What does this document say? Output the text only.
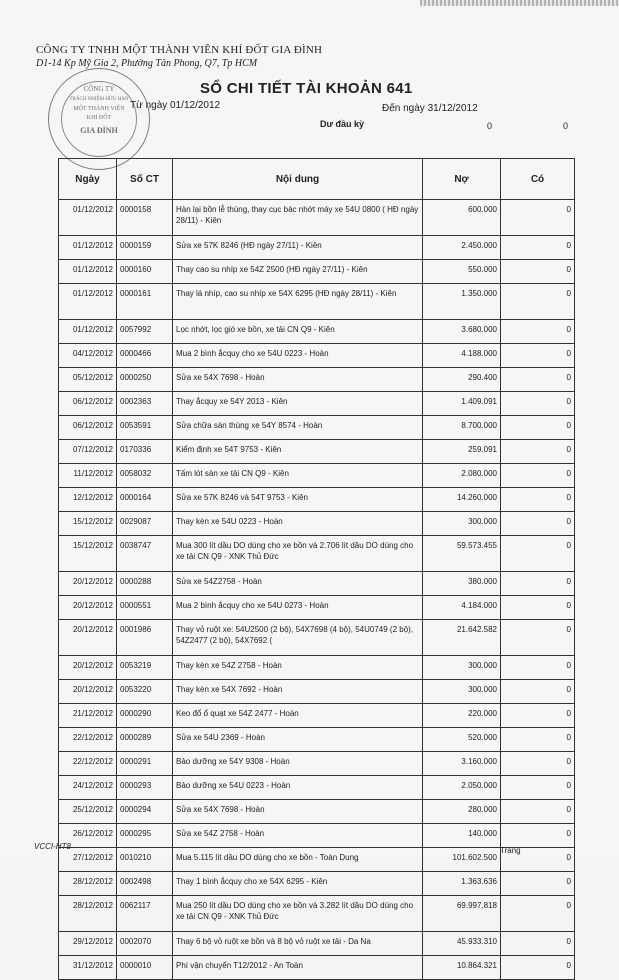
CÔNG TY TNHH MỘT THÀNH VIÊN KHÍ ĐỐT GIA ĐÌNH
D1-14 Kp Mỹ Gia 2, Phường Tân Phong, Q7, Tp HCM
CÔNG TY
TRÁCH NHIỆM HỮU HẠN
MỘT THÀNH VIÊN
KHÍ ĐỐT
GIA ĐÌNH
SỔ CHI TIẾT TÀI KHOẢN 641
Từ ngày 01/12/2012	Đến ngày 31/12/2012
Dư đầu kỳ	0	0
Ngày	Số CT	Nội dung	Nợ	Có
01/12/2012	0000158	Hàn lại bồn lễ thùng, thay cục bác nhớt máy xe 54U 0800 ( HĐ ngày 28/11) - Kiên	600.000	0
01/12/2012	0000159	Sửa xe 57K 8246 (HĐ ngày 27/11) - Kiên	2.450.000	0
01/12/2012	0000160	Thay cao su nhíp xe 54Z 2500 (HĐ ngày 27/11) - Kiên	550.000	0
01/12/2012	0000161	Thay lá nhíp, cao su nhíp xe 54X 6295 (HĐ ngày 28/11) - Kiên	1.350.000	0
01/12/2012	0057992	Lọc nhớt, lọc gió xe bồn, xe tải CN Q9 - Kiên	3.680.000	0
04/12/2012	0000466	Mua 2 bình ắcquy cho xe 54U 0223 - Hoàn	4.188.000	0
05/12/2012	0000250	Sửa xe 54X 7698 - Hoàn	290.400	0
06/12/2012	0002363	Thay ắcquy xe 54Y 2013 - Kiên	1.409.091	0
06/12/2012	0053591	Sửa chữa sàn thùng xe 54Y 8574 - Hoàn	8.700.000	0
07/12/2012	0170336	Kiểm định xe 54T 9753 - Kiên	259.091	0
11/12/2012	0058032	Tấm lót sàn xe tải CN Q9 - Kiên	2.080.000	0
12/12/2012	0000164	Sửa xe 57K 8246 và 54T 9753 - Kiên	14.260.000	0
15/12/2012	0029087	Thay kèn xe 54U 0223 - Hoàn	300.000	0
15/12/2012	0038747	Mua 300 lít dầu DO dùng cho xe bồn và 2.706 lít dầu DO dùng cho xe tải CN Q9 - XNK Thủ Đức	59.573.455	0
20/12/2012	0000288	Sửa xe 54Z2758 - Hoàn	380.000	0
20/12/2012	0000551	Mua 2 bình ắcquy cho xe 54U 0273 - Hoàn	4.184.000	0
20/12/2012	0001986	Thay vỏ ruột xe: 54U2500 (2 bộ), 54X7698 (4 bộ), 54U0749 (2 bộ), 54Z2477 (2 bộ), 54X7692 (	21.642.582	0
20/12/2012	0053219	Thay kèn xe 54Z 2758 - Hoàn	300.000	0
20/12/2012	0053220	Thay kèn xe 54X 7692 - Hoàn	300.000	0
21/12/2012	0000290	Keo đổ ổ quạt xe 54Z 2477 - Hoàn	220.000	0
22/12/2012	0000289	Sửa xe 54U 2369 - Hoàn	520.000	0
22/12/2012	0000291	Bảo dưỡng xe 54Y 9308 - Hoàn	3.160.000	0
24/12/2012	0000293	Bảo dưỡng xe 54U 0223 - Hoàn	2.050.000	0
25/12/2012	0000294	Sửa xe 54X 7698 - Hoàn	280.000	0
26/12/2012	0000295	Sửa xe 54Z 2758 - Hoàn	140.000	0
27/12/2012	0010210	Mua 5.115 lít dầu DO dùng cho xe bồn - Toàn Dung	101.602.500	0
28/12/2012	0002498	Thay 1 bình ắcquy cho xe 54X 6295 - Kiên	1.363.636	0
28/12/2012	0062117	Mua 250 lít dầu DO dùng cho xe bồn và 3.282 lít dầu DO dùng cho xe tải CN Q9 - XNK Thủ Đức	69.997.818	0
29/12/2012	0002070	Thay 6 bộ vỏ ruột xe bồn và 8 bộ vỏ ruột xe tải - Da Na	45.933.310	0
31/12/2012	0000010	Phí vận chuyển T12/2012 - An Toàn	10.864.321	0
VCCI-HT8	Trang
